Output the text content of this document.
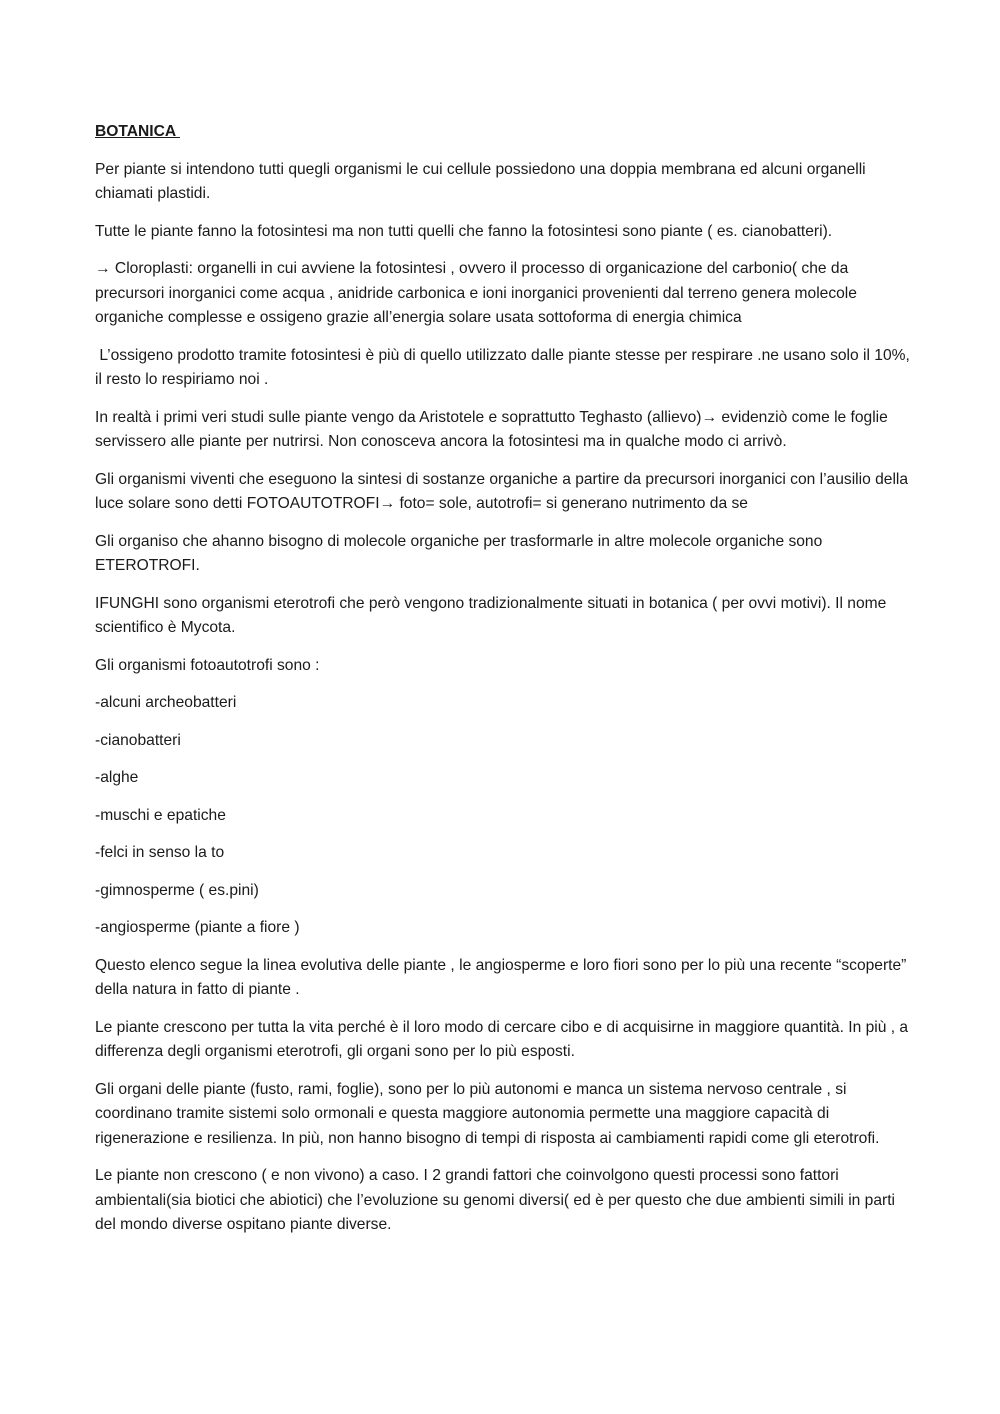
BOTANICA

Per piante si intendono tutti quegli organismi le cui cellule possiedono una doppia membrana ed alcuni organelli chiamati plastidi.

Tutte le piante fanno la fotosintesi ma non tutti quelli che fanno la fotosintesi sono piante ( es. cianobatteri).

→ Cloroplasti: organelli in cui avviene la fotosintesi , ovvero il processo di organicazione del carbonio( che da precursori inorganici come acqua , anidride carbonica e ioni inorganici provenienti dal terreno genera molecole organiche complesse e ossigeno grazie all’energia solare usata sottoforma di energia chimica

L’ossigeno prodotto tramite fotosintesi è più di quello utilizzato dalle piante stesse per respirare .ne usano solo il 10%, il resto lo respiriamo noi .

In realtà i primi veri studi sulle piante vengo da Aristotele e soprattutto Teghasto (allievo)→ evidenziò come le foglie servissero alle piante per nutrirsi. Non conosceva ancora la fotosintesi ma in qualche modo ci arrivò.

Gli organismi viventi che eseguono la sintesi di sostanze organiche a partire da precursori inorganici con l’ausilio della luce solare sono detti FOTOAUTOTROFI→ foto= sole, autotrofi= si generano nutrimento da se

Gli organiso che ahanno bisogno di molecole organiche per trasformarle in altre molecole organiche sono ETEROTROFI.

IFUNGHI sono organismi eterotrofi che però vengono tradizionalmente situati in botanica ( per ovvi motivi). Il nome scientifico è Mycota.

Gli organismi fotoautotrofi sono :

-alcuni archeobatteri

-cianobatteri

-alghe

-muschi e epatiche

-felci in senso la to

-gimnosperme ( es.pini)

-angiosperme (piante a fiore )

Questo elenco segue la linea evolutiva delle piante , le angiosperme e loro fiori sono per lo più una recente “scoperte” della natura in fatto di piante .

Le piante crescono per tutta la vita perché è il loro modo di cercare cibo e di acquisirne in maggiore quantità. In più , a differenza degli organismi eterotrofi, gli organi sono per lo più esposti.

Gli organi delle piante (fusto, rami, foglie), sono per lo più autonomi e manca un sistema nervoso centrale , si coordinano tramite sistemi solo ormonali e questa maggiore autonomia permette una maggiore capacità di rigenerazione e resilienza. In più, non hanno bisogno di tempi di risposta ai cambiamenti rapidi come gli eterotrofi.

Le piante non crescono ( e non vivono) a caso. I 2 grandi fattori che coinvolgono questi processi sono fattori ambientali(sia biotici che abiotici) che l’evoluzione su genomi diversi( ed è per questo che due ambienti simili in parti del mondo diverse ospitano piante diverse.
